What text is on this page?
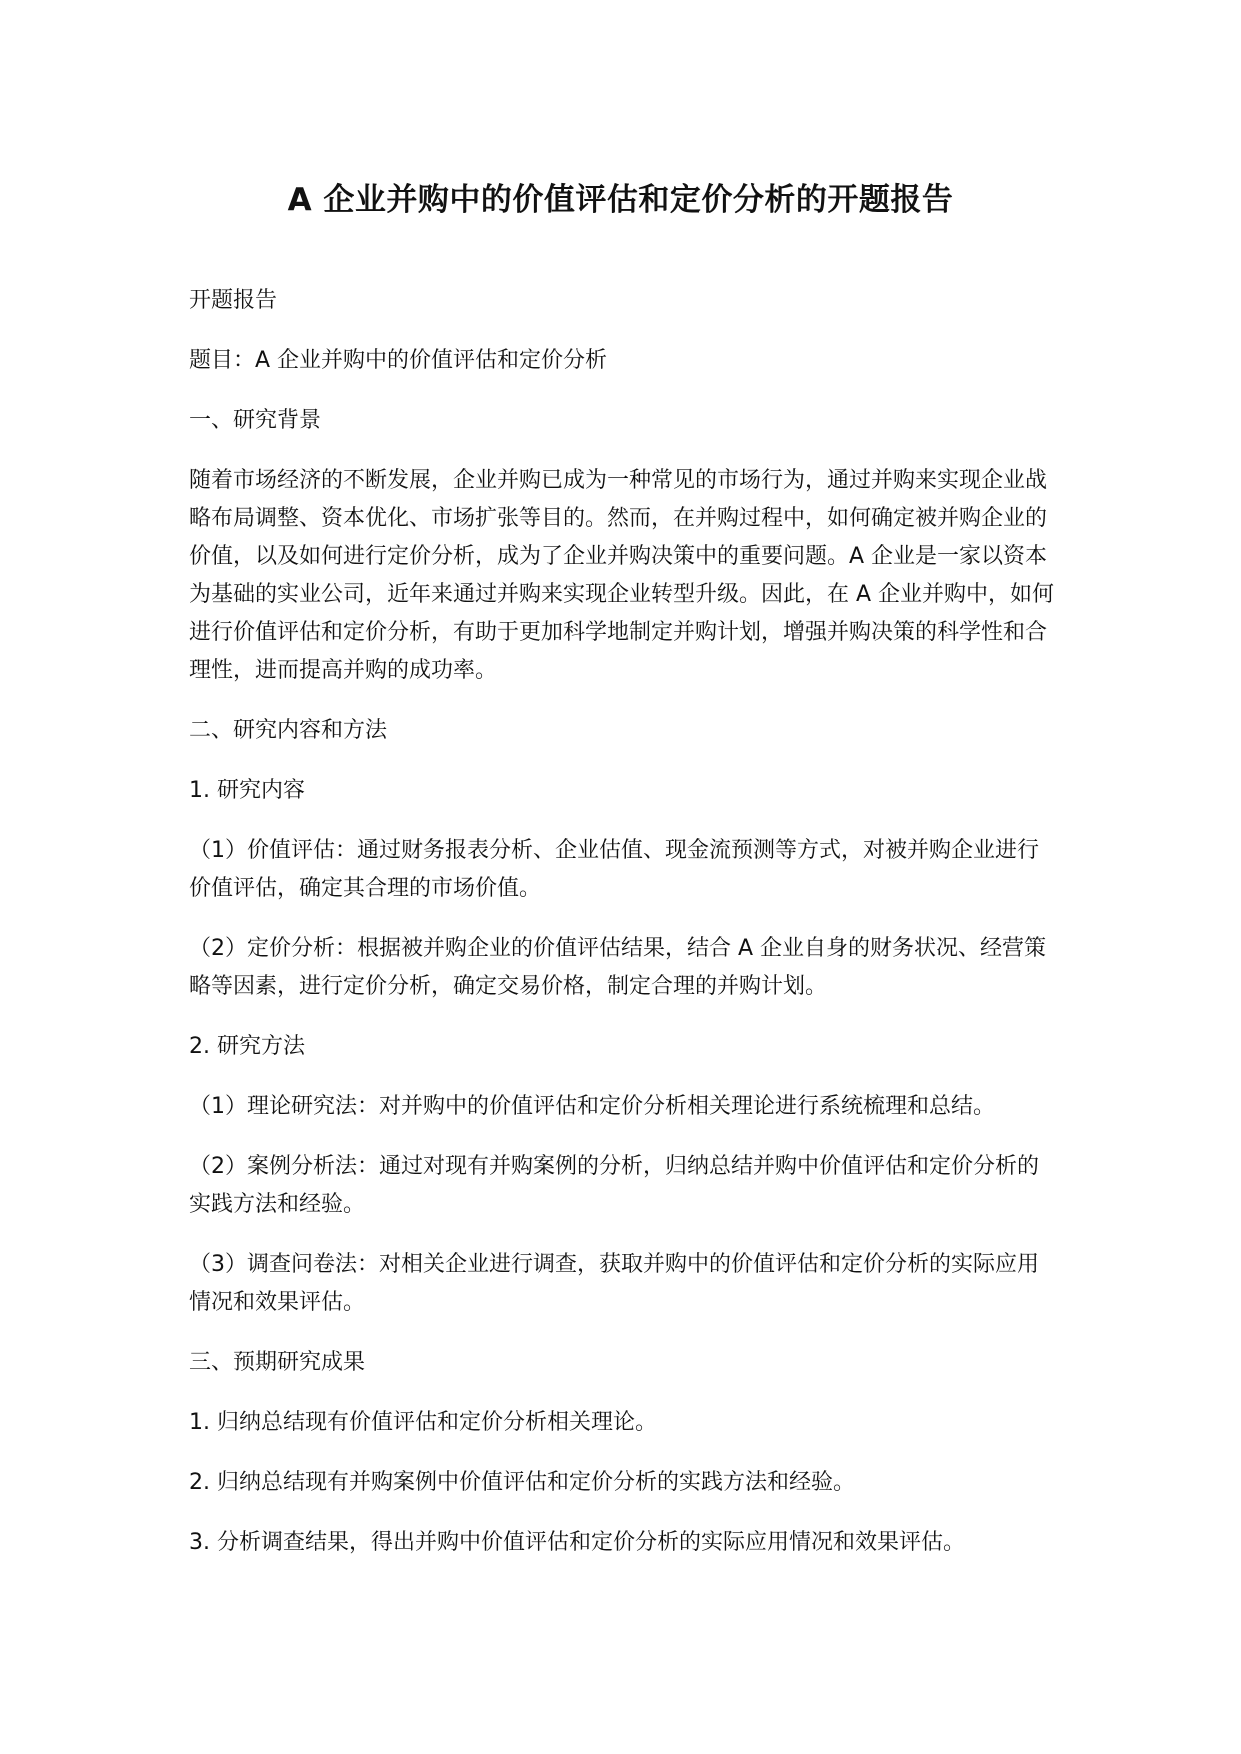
A 企业并购中的价值评估和定价分析的开题报告

开题报告

题目：A 企业并购中的价值评估和定价分析

一、研究背景

随着市场经济的不断发展，企业并购已成为一种常见的市场行为，通过并购来实现企业战略布局调整、资本优化、市场扩张等目的。然而，在并购过程中，如何确定被并购企业的价值，以及如何进行定价分析，成为了企业并购决策中的重要问题。A 企业是一家以资本为基础的实业公司，近年来通过并购来实现企业转型升级。因此，在 A 企业并购中，如何进行价值评估和定价分析，有助于更加科学地制定并购计划，增强并购决策的科学性和合理性，进而提高并购的成功率。

二、研究内容和方法

1. 研究内容

（1）价值评估：通过财务报表分析、企业估值、现金流预测等方式，对被并购企业进行价值评估，确定其合理的市场价值。

（2）定价分析：根据被并购企业的价值评估结果，结合 A 企业自身的财务状况、经营策略等因素，进行定价分析，确定交易价格，制定合理的并购计划。

2. 研究方法

（1）理论研究法：对并购中的价值评估和定价分析相关理论进行系统梳理和总结。

（2）案例分析法：通过对现有并购案例的分析，归纳总结并购中价值评估和定价分析的实践方法和经验。

（3）调查问卷法：对相关企业进行调查，获取并购中的价值评估和定价分析的实际应用情况和效果评估。

三、预期研究成果

1. 归纳总结现有价值评估和定价分析相关理论。

2. 归纳总结现有并购案例中价值评估和定价分析的实践方法和经验。

3. 分析调查结果，得出并购中价值评估和定价分析的实际应用情况和效果评估。
